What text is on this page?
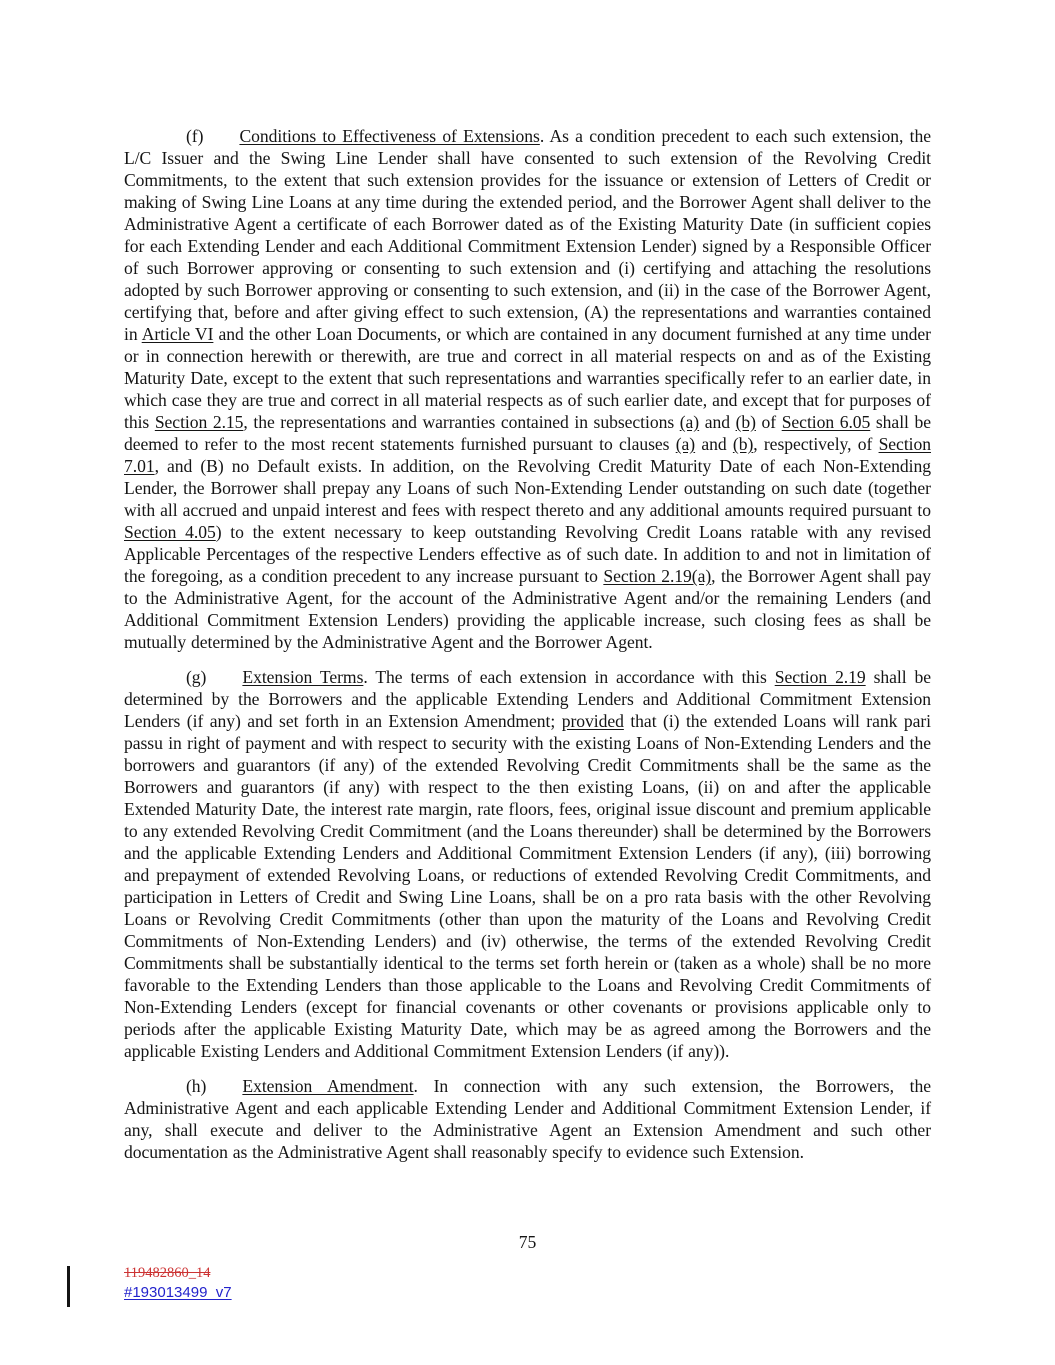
(f) Conditions to Effectiveness of Extensions. As a condition precedent to each such extension, the L/C Issuer and the Swing Line Lender shall have consented to such extension of the Revolving Credit Commitments, to the extent that such extension provides for the issuance or extension of Letters of Credit or making of Swing Line Loans at any time during the extended period, and the Borrower Agent shall deliver to the Administrative Agent a certificate of each Borrower dated as of the Existing Maturity Date (in sufficient copies for each Extending Lender and each Additional Commitment Extension Lender) signed by a Responsible Officer of such Borrower approving or consenting to such extension and (i) certifying and attaching the resolutions adopted by such Borrower approving or consenting to such extension, and (ii) in the case of the Borrower Agent, certifying that, before and after giving effect to such extension, (A) the representations and warranties contained in Article VI and the other Loan Documents, or which are contained in any document furnished at any time under or in connection herewith or therewith, are true and correct in all material respects on and as of the Existing Maturity Date, except to the extent that such representations and warranties specifically refer to an earlier date, in which case they are true and correct in all material respects as of such earlier date, and except that for purposes of this Section 2.15, the representations and warranties contained in subsections (a) and (b) of Section 6.05 shall be deemed to refer to the most recent statements furnished pursuant to clauses (a) and (b), respectively, of Section 7.01, and (B) no Default exists. In addition, on the Revolving Credit Maturity Date of each Non-Extending Lender, the Borrower shall prepay any Loans of such Non-Extending Lender outstanding on such date (together with all accrued and unpaid interest and fees with respect thereto and any additional amounts required pursuant to Section 4.05) to the extent necessary to keep outstanding Revolving Credit Loans ratable with any revised Applicable Percentages of the respective Lenders effective as of such date. In addition to and not in limitation of the foregoing, as a condition precedent to any increase pursuant to Section 2.19(a), the Borrower Agent shall pay to the Administrative Agent, for the account of the Administrative Agent and/or the remaining Lenders (and Additional Commitment Extension Lenders) providing the applicable increase, such closing fees as shall be mutually determined by the Administrative Agent and the Borrower Agent.

(g) Extension Terms. The terms of each extension in accordance with this Section 2.19 shall be determined by the Borrowers and the applicable Extending Lenders and Additional Commitment Extension Lenders (if any) and set forth in an Extension Amendment; provided that (i) the extended Loans will rank pari passu in right of payment and with respect to security with the existing Loans of Non-Extending Lenders and the borrowers and guarantors (if any) of the extended Revolving Credit Commitments shall be the same as the Borrowers and guarantors (if any) with respect to the then existing Loans, (ii) on and after the applicable Extended Maturity Date, the interest rate margin, rate floors, fees, original issue discount and premium applicable to any extended Revolving Credit Commitment (and the Loans thereunder) shall be determined by the Borrowers and the applicable Extending Lenders and Additional Commitment Extension Lenders (if any), (iii) borrowing and prepayment of extended Revolving Loans, or reductions of extended Revolving Credit Commitments, and participation in Letters of Credit and Swing Line Loans, shall be on a pro rata basis with the other Revolving Loans or Revolving Credit Commitments (other than upon the maturity of the Loans and Revolving Credit Commitments of Non-Extending Lenders) and (iv) otherwise, the terms of the extended Revolving Credit Commitments shall be substantially identical to the terms set forth herein or (taken as a whole) shall be no more favorable to the Extending Lenders than those applicable to the Loans and Revolving Credit Commitments of Non-Extending Lenders (except for financial covenants or other covenants or provisions applicable only to periods after the applicable Existing Maturity Date, which may be as agreed among the Borrowers and the applicable Existing Lenders and Additional Commitment Extension Lenders (if any)).

(h) Extension Amendment. In connection with any such extension, the Borrowers, the Administrative Agent and each applicable Extending Lender and Additional Commitment Extension Lender, if any, shall execute and deliver to the Administrative Agent an Extension Amendment and such other documentation as the Administrative Agent shall reasonably specify to evidence such Extension.

75
119482860_14
#193013499_v7
